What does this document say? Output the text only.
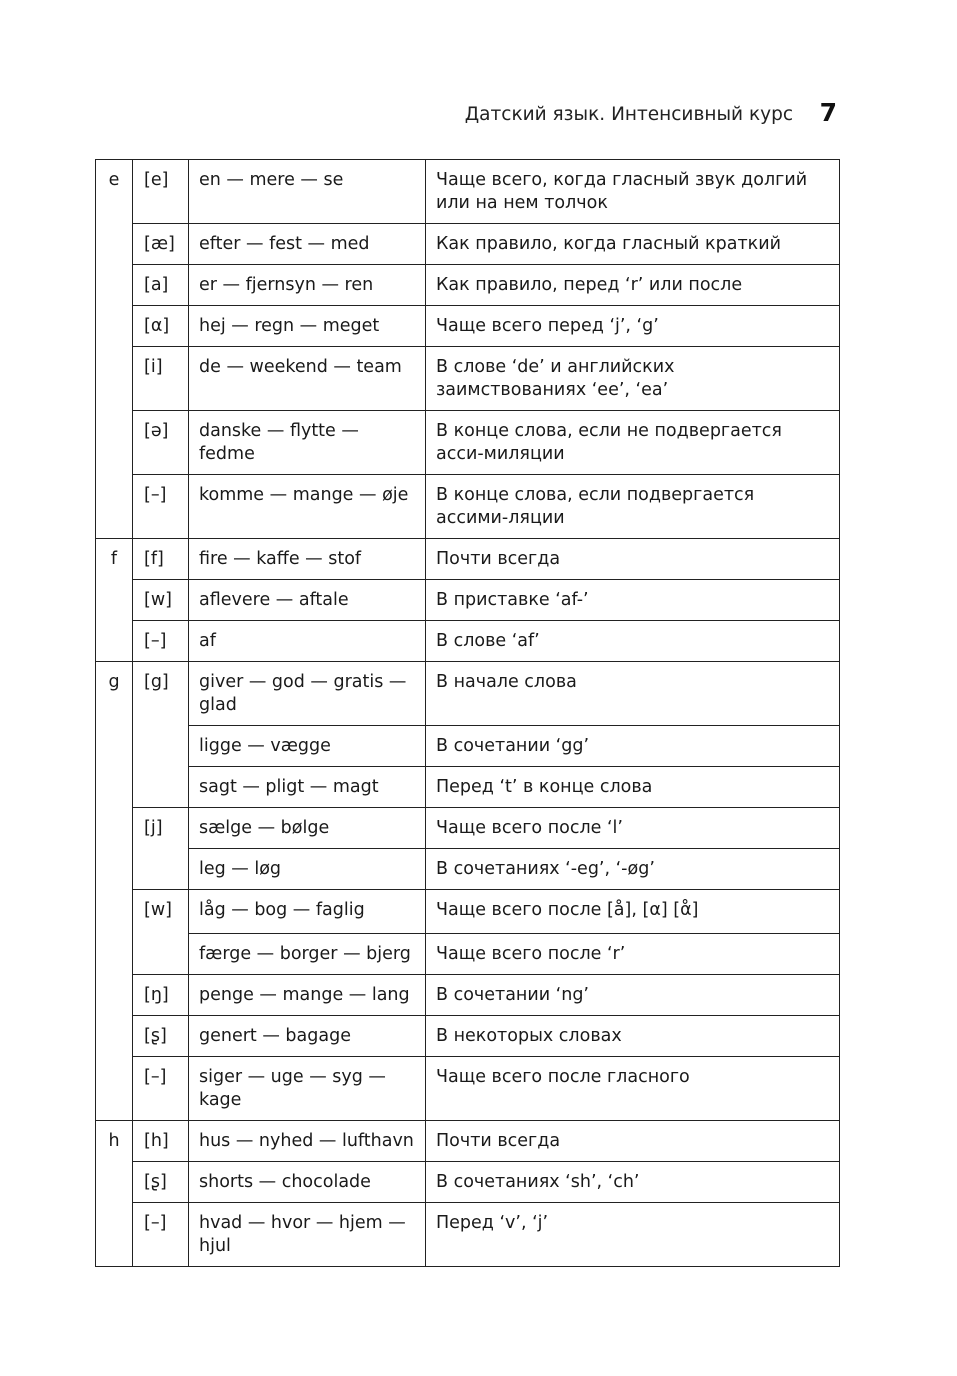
Датский язык. Интенсивный курс 7
e	[e]	en — mere — se	Чаще всего, когда гласный звук долгий или на нем толчок
	[æ]	efter — fest — med	Как правило, когда гласный краткий
	[a]	er — fjernsyn — ren	Как правило, перед ‘r’ или после
	[α]	hej — regn — meget	Чаще всего перед ‘j’, ‘g’
	[i]	de — weekend — team	В слове ‘de’ и английских заимствованиях ‘ee’, ‘ea’
	[ə]	danske — flytte — fedme	В конце слова, если не подвергается асси-миляции
	[–]	komme — mange — øje	В конце слова, если подвергается ассими-ляции
f	[f]	fire — kaffe — stof	Почти всегда
	[w]	aflevere — aftale	В приставке ‘af-’
	[–]	af	В слове ‘af’
g	[g]	giver — god — gratis — glad	В начале слова
		ligge — vægge	В сочетании ‘gg’
		sagt — pligt — magt	Перед ‘t’ в конце слова
	[j]	sælge — bølge	Чаще всего после ‘l’
		leg — løg	В сочетаниях ‘-eg’, ‘-øg’
	[w]	låg — bog — faglig	Чаще всего после [å], [α] [α̊]
		færge — borger — bjerg	Чаще всего после ‘r’
	[ŋ]	penge — mange — lang	В сочетании ‘ng’
	[ʂ]	genert — bagage	В некоторых словах
	[–]	siger — uge — syg — kage	Чаще всего после гласного
h	[h]	hus — nyhed — lufthavn	Почти всегда
	[ʂ]	shorts — chocolade	В сочетаниях ‘sh’, ‘ch’
	[–]	hvad — hvor — hjem — hjul	Перед ‘v’, ‘j’
